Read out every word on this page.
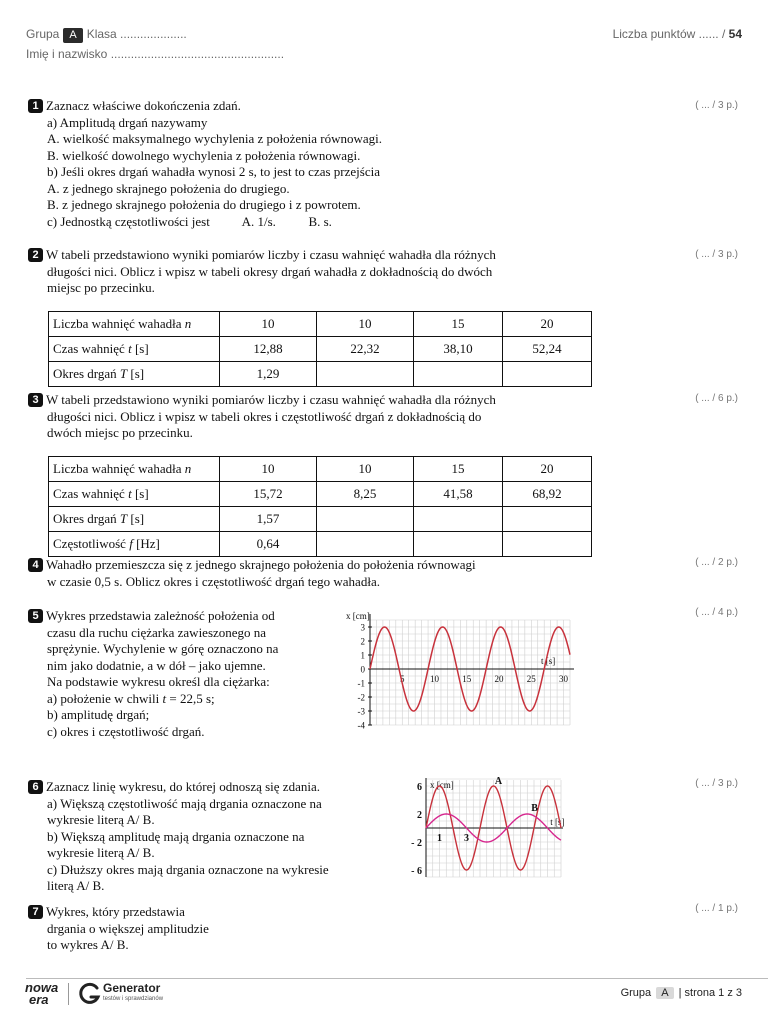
Grupa A Klasa ....................
Imię i nazwisko ....................................................
Liczba punktów ...... / 54
1 Zaznacz właściwe dokończenia zdań.
a) Amplitudą drgań nazywamy
A. wielkość maksymalnego wychylenia z położenia równowagi.
B. wielkość dowolnego wychylenia z położenia równowagi.
b) Jeśli okres drgań wahadła wynosi 2 s, to jest to czas przejścia
A. z jednego skrajnego położenia do drugiego.
B. z jednego skrajnego położenia do drugiego i z powrotem.
c) Jednostką częstotliwości jest A. 1/s.	B. s.
( ... / 3 p.)
2 W tabeli przedstawiono wyniki pomiarów liczby i czasu wahnięć wahadła dla różnych
długości nici. Oblicz i wpisz w tabeli okresy drgań wahadła z dokładnością do dwóch
miejsc po przecinku.
( ... / 3 p.)
Liczba wahnięć wahadła n	10	10	15	20
Czas wahnięć t [s]	12,88	22,32	38,10	52,24
Okres drgań T [s]	1,29			
3 W tabeli przedstawiono wyniki pomiarów liczby i czasu wahnięć wahadła dla różnych
długości nici. Oblicz i wpisz w tabeli okres i częstotliwość drgań z dokładnością do
dwóch miejsc po przecinku.
( ... / 6 p.)
Liczba wahnięć wahadła n	10	10	15	20
Czas wahnięć t [s]	15,72	8,25	41,58	68,92
Okres drgań T [s]	1,57			
Częstotliwość f [Hz]	0,64			
4 Wahadło przemieszcza się z jednego skrajnego położenia do położenia równowagi
w czasie 0,5 s. Oblicz okres i częstotliwość drgań tego wahadła.
( ... / 2 p.)
5 Wykres przedstawia zależność położenia od
czasu dla ruchu ciężarka zawieszonego na
sprężynie. Wychylenie w górę oznaczono na
nim jako dodatnie, a w dół – jako ujemne.
Na podstawie wykresu określ dla ciężarka:
a) położenie w chwili t = 22,5 s;
b) amplitudę drgań;
c) okres i częstotliwość drgań.
( ... / 4 p.)
3
2
1
0
-1
-2
-3
-4
5	10	15	20	25	30
x [cm]
t [s]
6 Zaznacz linię wykresu, do której odnoszą się zdania.
a) Większą częstotliwość mają drgania oznaczone na
wykresie literą A/ B.
b) Większą amplitudę mają drgania oznaczone na
wykresie literą A/ B.
c) Dłuższy okres mają drgania oznaczone na wykresie
literą A/ B.
( ... / 3 p.)
6
2
- 2
- 6
1 3
x [cm]
t [s]
A
B
7 Wykres, który przedstawia
drgania o większej amplitudzie
to wykres A/ B.
( ... / 1 p.)
nowa
era
Generator
testów i sprawdzianów	Grupa A | strona 1 z 3
